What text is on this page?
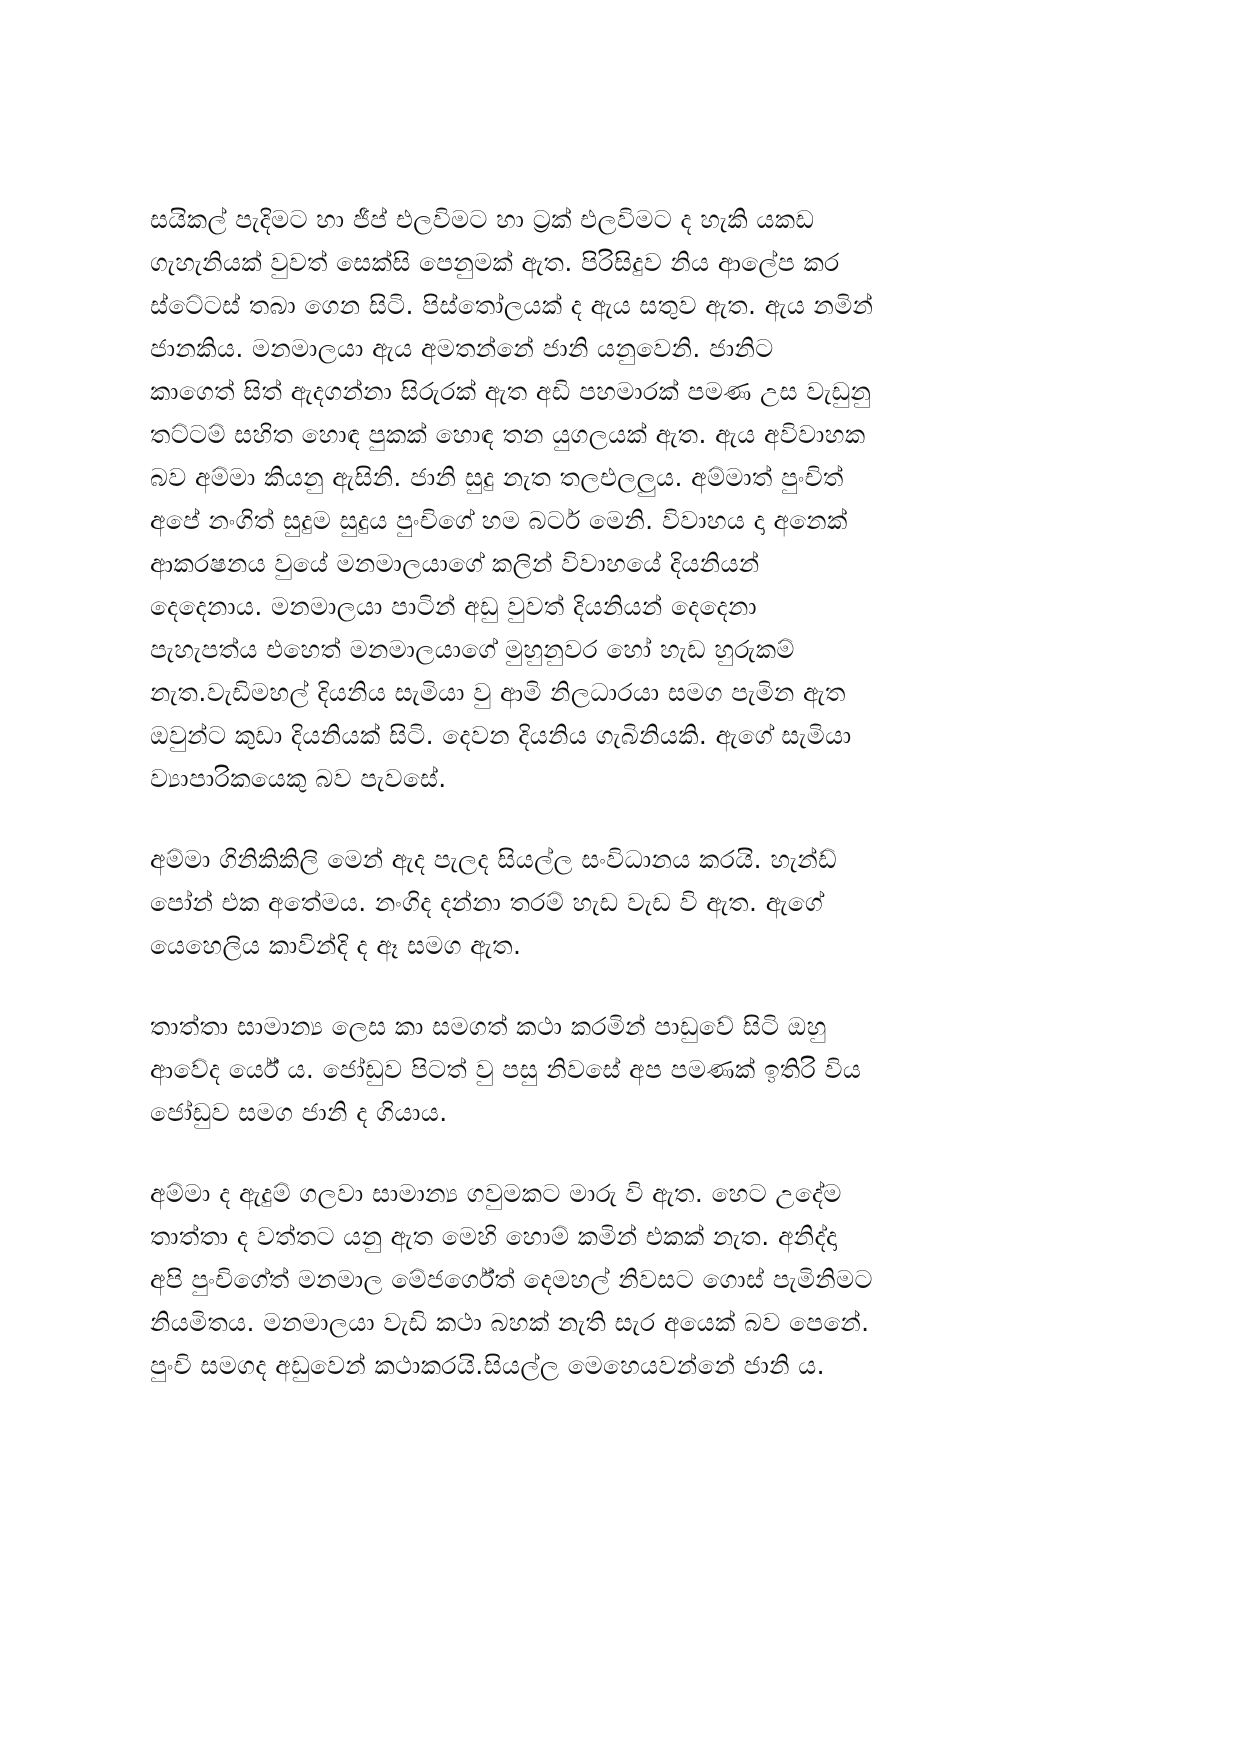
සයිකල් පැදිමට හා ජීප් එලවිමට හා ට්‍රක් එලවිමට ද හැකි යකඩ
ගැහැනියක් වුවත් සෙක්සි පෙනුමක් ඇත. පිරිසිදුව නිය ආලේප කර
ස්ටේටස් තබා ගෙන සිටි. පිස්තෝලයක් ද ඇය සතුව ඇත. ඇය නමින්
ජානකිය. මනමාලයා ඇය අමතන්නේ ජානි යනුවෙනි. ජානිට
කාගෙත් සිත් ඇදගන්නා සිරුරක් ඇත අඩි පහමාරක් පමණ උස වැඩුනු
තට්ටම් සහිත හොඳ පුකක් හොඳ තන යුගලයක් ඇත. ඇය අවිවාහක
බව අම්මා කියනු ඇසිනි. ජානි සුදු නැත තලඑලලුය. අම්මාත් පුංචිත්
අපේ නංගිත් සුදුම සුදුය පුංචිගේ හම බටර් මෙනි. විවාහය දා අනෙක්
ආකරෂනය වුයේ මනමාලයාගේ කලින් විවාහයේ දියනියන්
දෙදෙනාය. මනමාලයා පාටින් අඩු වුවත් දියනියන් දෙදෙනා
පැහැපත්ය එහෙත් මනමාලයාගේ මුහුනුවර හෝ හැඩ හුරුකම්
නැත.වැඩිමහල් දියනිය සැමියා වු ආමි නිලධාරයා සමග පැමින ඇත
ඔවුන්ට කුඩා දියනියක් සිටි. දෙවන දියනිය ගැබිනියකි. ඇගේ සැමියා
ව්‍යාපාරිකයෙකු බව පැවසේ.

අම්මා ගිනිකිකිලි මෙන් ඇද පැලද සියල්ල සංවිධානය කරයි. හැන්ඩ්
පෝන් එක අතේමය. නංගිද දන්නා තරම් හැඩ වැඩ වි ඇත. ඇගේ
යෙහෙලිය කාවින්දි ද ඈ සමග ඇත.

තාත්තා සාමාන්‍ය ලෙස කා සමගත් කථා කරමින් පාඩුවේ සිටි ඔහු
ආවේද ර්යේ ය. ජෝඩුව පිටත් වු පසු නිවසේ අප පමණක් ඉතිරි විය
ජෝඩුව සමග ජානි ද ගියාය.

අම්මා ද ඇදුම් ගලවා සාමාන්‍ය ගවුමකට මාරු වි ඇත. හෙට උදේම
තාත්තා ද වත්තට යනු ඇත මෙහි හොම් කමින් එකක් නැත. අනිද්දා
අපි පුංචිගේත් මනමාල මේජර්ගේත් දෙමහල් නිවසට ගොස් පැමිනිමට
නියමිතය. මනමාලයා වැඩි කථා බහක් නැති සැර අයෙක් බව පෙනේ.
පුංචි සමගද අඩුවෙන් කථාකරයි.සියල්ල මෙහෙයවන්නේ ජානි ය.
